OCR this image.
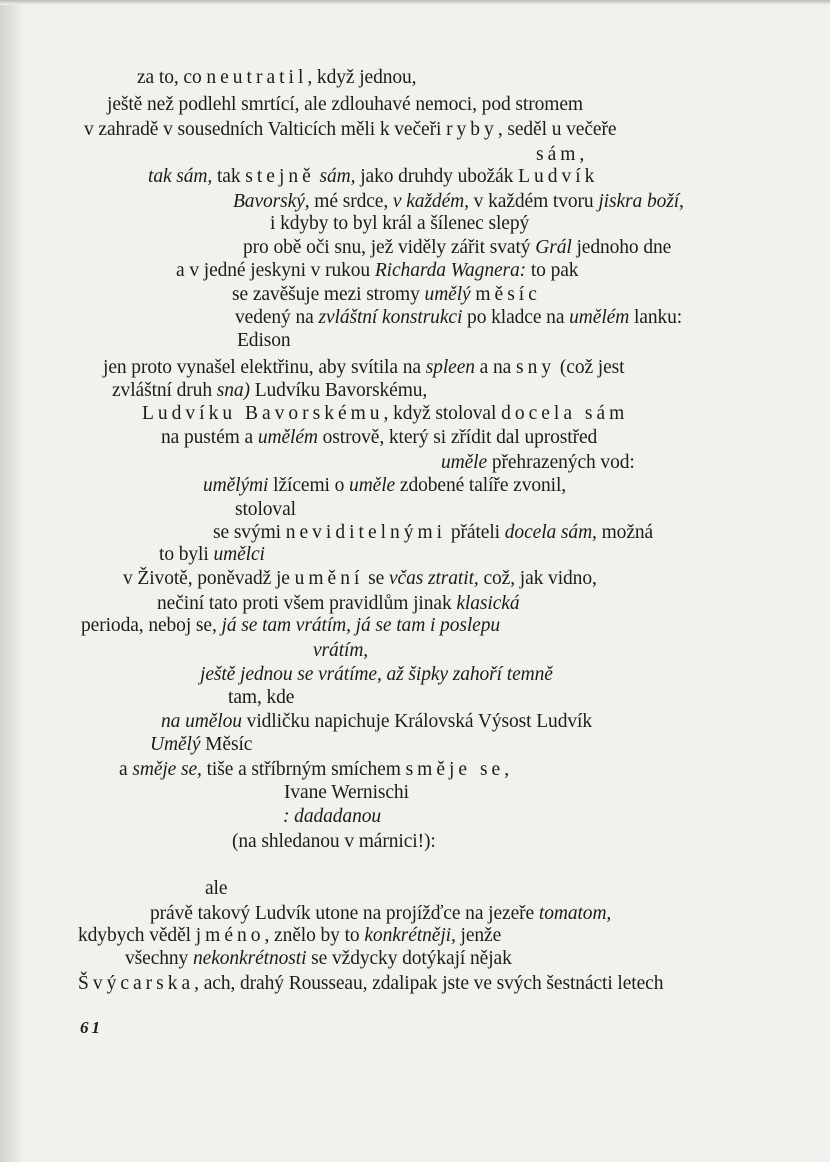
za to, co neutratil, když jednou,
ještě než podlehl smrtící, ale zdlouhavé nemoci, pod stromem
v zahradě v sousedních Valticích měli k večeři ryby, seděl u večeře
sám,
tak sám, tak stejně sám, jako druhdy ubožák Ludvík
Bavorský, mé srdce, v každém, v každém tvoru jiskra boží,
i kdyby to byl král a šílenec slepý
pro obě oči snu, jež viděly zářit svatý Grál jednoho dne
a v jedné jeskyni v rukou Richarda Wagnera: to pak
se zavěšuje mezi stromy umělý měsíc
vedený na zvláštní konstrukci po kladce na umělém lanku:
Edison
jen proto vynašel elektřinu, aby svítila na spleen a na sny (což jest
zvláštní druh sna) Ludvíku Bavorskému,
Ludvíku Bavorskému, když stoloval docela sám
na pustém a umělém ostrově, který si zřídit dal uprostřed
uměle přehrazených vod:
umělými lžícemi o uměle zdobené talíře zvonil,
stoloval
se svými neviditelnými přáteli docela sám, možná
to byli umělci
v Životě, poněvadž je umění se včas ztratit, což, jak vidno,
nečiní tato proti všem pravidlům jinak klasická
perioda, neboj se, já se tam vrátím, já se tam i poslepu
vrátím,
ještě jednou se vrátíme, až šipky zahoří temně
tam, kde
na umělou vidličku napichuje Královská Výsost Ludvík
Umělý Měsíc
a směje se, tiše a stříbrným smíchem směje se,
Ivane Wernischi
: dadadanou
(na shledanou v márnici!):
ale
právě takový Ludvík utone na projížďce na jezeře tomatom,
kdybych věděl jméno, znělo by to konkrétněji, jenže
všechny nekonkrétnosti se vždycky dotýkají nějak
Švýcarska, ach, drahý Rousseau, zdalipak jste ve svých šestnácti letech
61
